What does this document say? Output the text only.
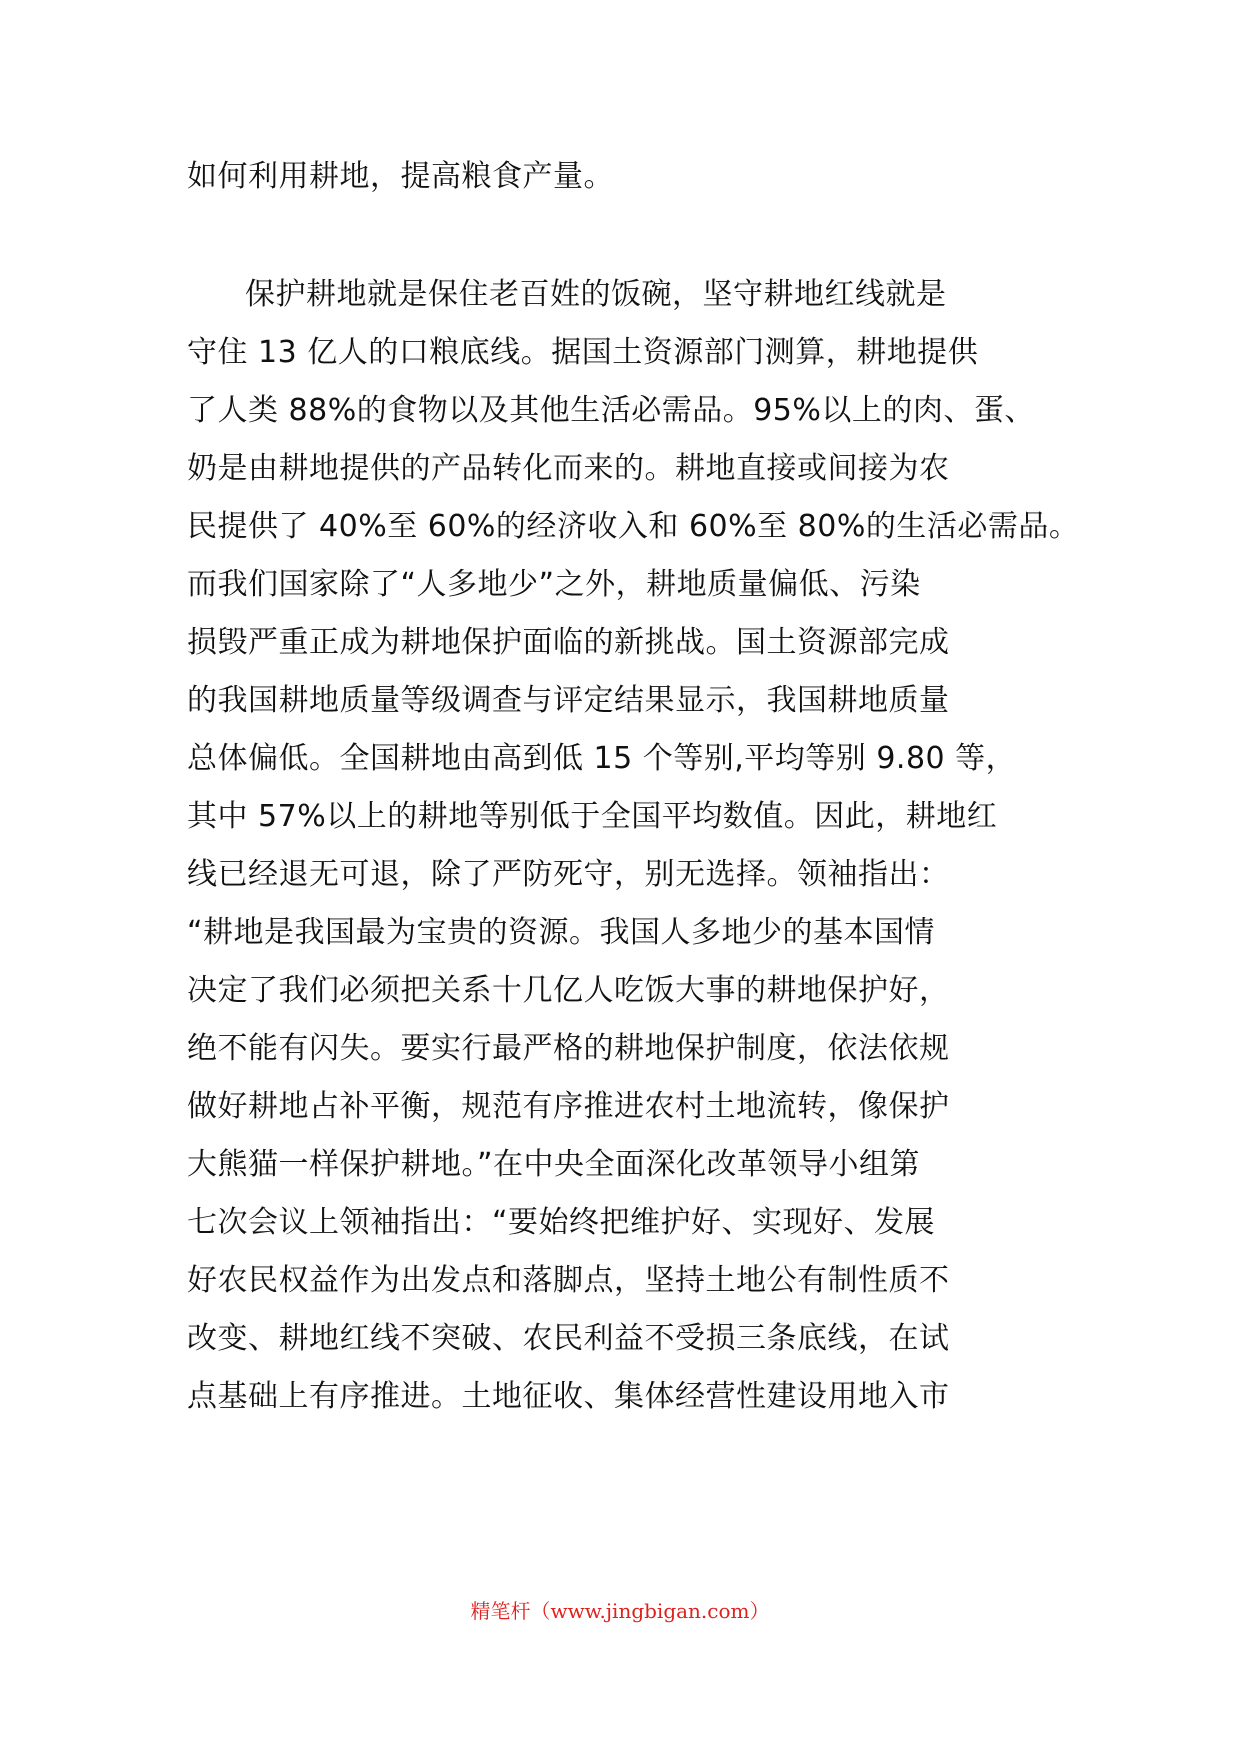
如何利用耕地，提高粮食产量。
保护耕地就是保住老百姓的饭碗，坚守耕地红线就是
守住 13 亿人的口粮底线。据国土资源部门测算，耕地提供
了人类 88%的食物以及其他生活必需品。95%以上的肉、蛋、
奶是由耕地提供的产品转化而来的。耕地直接或间接为农
民提供了 40%至 60%的经济收入和 60%至 80%的生活必需品。
而我们国家除了“人多地少”之外，耕地质量偏低、污染
损毁严重正成为耕地保护面临的新挑战。国土资源部完成
的我国耕地质量等级调查与评定结果显示，我国耕地质量
总体偏低。全国耕地由高到低 15 个等别,平均等别 9.80 等，
其中 57%以上的耕地等别低于全国平均数值。因此，耕地红
线已经退无可退，除了严防死守，别无选择。领袖指出：
“耕地是我国最为宝贵的资源。我国人多地少的基本国情
决定了我们必须把关系十几亿人吃饭大事的耕地保护好，
绝不能有闪失。要实行最严格的耕地保护制度，依法依规
做好耕地占补平衡，规范有序推进农村土地流转，像保护
大熊猫一样保护耕地。”在中央全面深化改革领导小组第
七次会议上领袖指出：“要始终把维护好、实现好、发展
好农民权益作为出发点和落脚点，坚持土地公有制性质不
改变、耕地红线不突破、农民利益不受损三条底线，在试
点基础上有序推进。土地征收、集体经营性建设用地入市
精笔杆（www.jingbigan.com）
